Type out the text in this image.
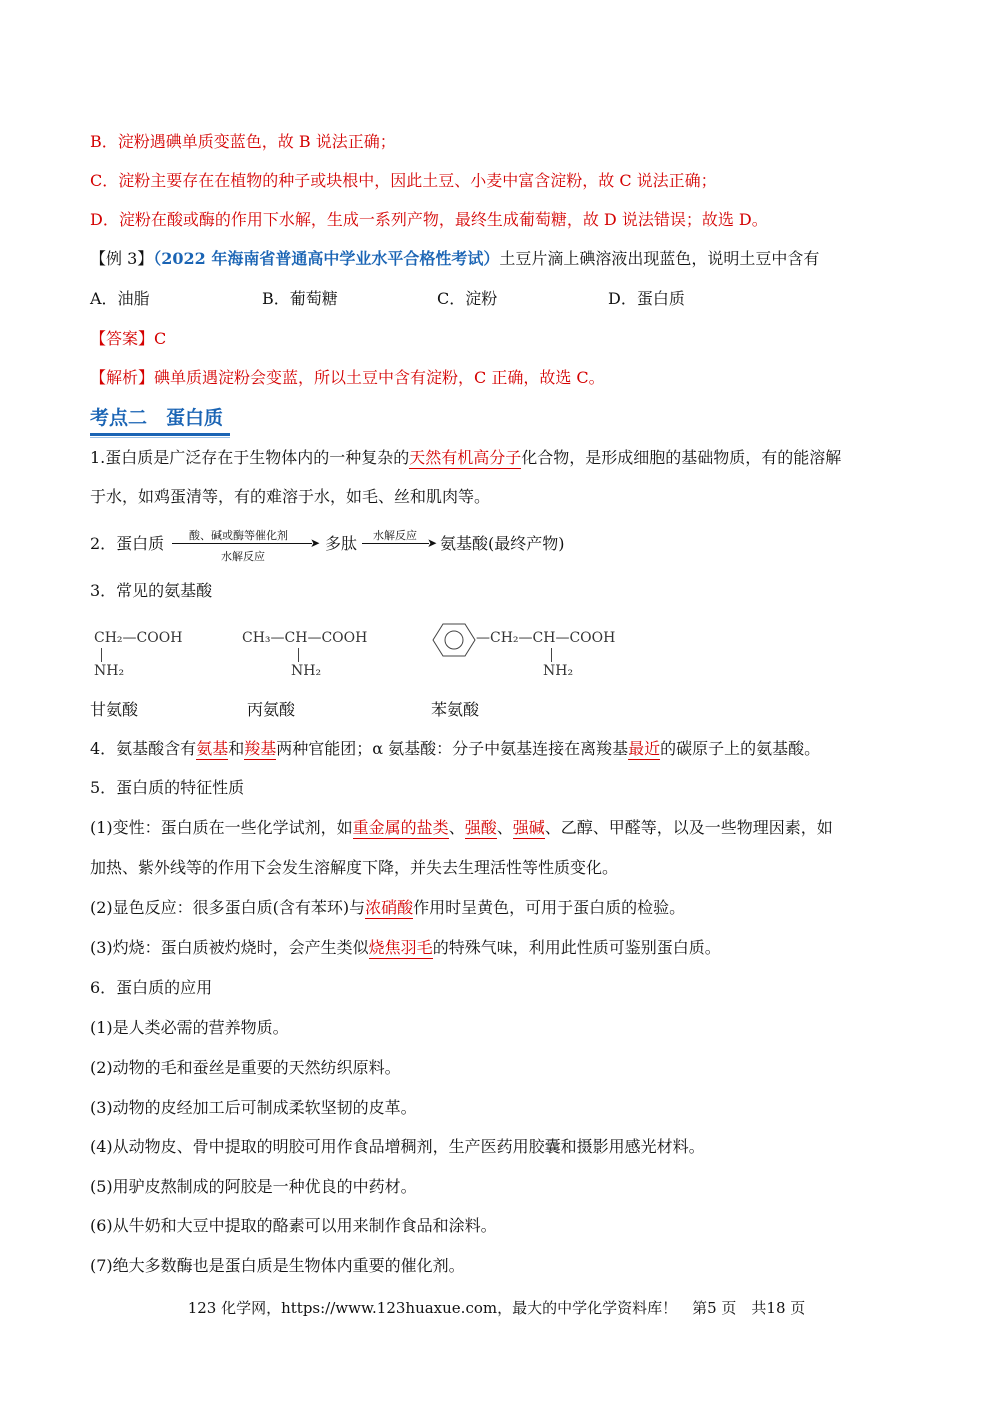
B．淀粉遇碘单质变蓝色，故 B 说法正确；
C．淀粉主要存在在植物的种子或块根中，因此土豆、小麦中富含淀粉，故 C 说法正确；
D．淀粉在酸或酶的作用下水解，生成一系列产物，最终生成葡萄糖，故 D 说法错误；故选 D。
【例 3】（2022 年海南省普通高中学业水平合格性考试）土豆片滴上碘溶液出现蓝色，说明土豆中含有
A．油脂	B．葡萄糖	C．淀粉	D．蛋白质
【答案】C
【解析】碘单质遇淀粉会变蓝，所以土豆中含有淀粉，C 正确，故选 C。
考点二　蛋白质
1.蛋白质是广泛存在于生物体内的一种复杂的天然有机高分子化合物，是形成细胞的基础物质，有的能溶解
于水，如鸡蛋清等，有的难溶于水，如毛、丝和肌肉等。
2．蛋白质 酸、碱或酶等催化剂
➤
水解反应
多肽 水解反应
➤ 氨基酸(最终产物)
3．常见的氨基酸
CH₂—COOH
NH₂
CH₃—CH—COOH
NH₂
—CH₂—CH—COOH
NH₂
甘氨酸	丙氨酸	苯氨酸
4．氨基酸含有氨基和羧基两种官能团；α 氨基酸：分子中氨基连接在离羧基最近的碳原子上的氨基酸。
5．蛋白质的特征性质
(1)变性：蛋白质在一些化学试剂，如重金属的盐类、强酸、强碱、乙醇、甲醛等，以及一些物理因素，如
加热、紫外线等的作用下会发生溶解度下降，并失去生理活性等性质变化。
(2)显色反应：很多蛋白质(含有苯环)与浓硝酸作用时呈黄色，可用于蛋白质的检验。
(3)灼烧：蛋白质被灼烧时，会产生类似烧焦羽毛的特殊气味，利用此性质可鉴别蛋白质。
6．蛋白质的应用
(1)是人类必需的营养物质。
(2)动物的毛和蚕丝是重要的天然纺织原料。
(3)动物的皮经加工后可制成柔软坚韧的皮革。
(4)从动物皮、骨中提取的明胶可用作食品增稠剂，生产医药用胶囊和摄影用感光材料。
(5)用驴皮熬制成的阿胶是一种优良的中药材。
(6)从牛奶和大豆中提取的酪素可以用来制作食品和涂料。
(7)绝大多数酶也是蛋白质是生物体内重要的催化剂。
123 化学网，https://www.123huaxue.com，最大的中学化学资料库！　第5 页　共18 页
